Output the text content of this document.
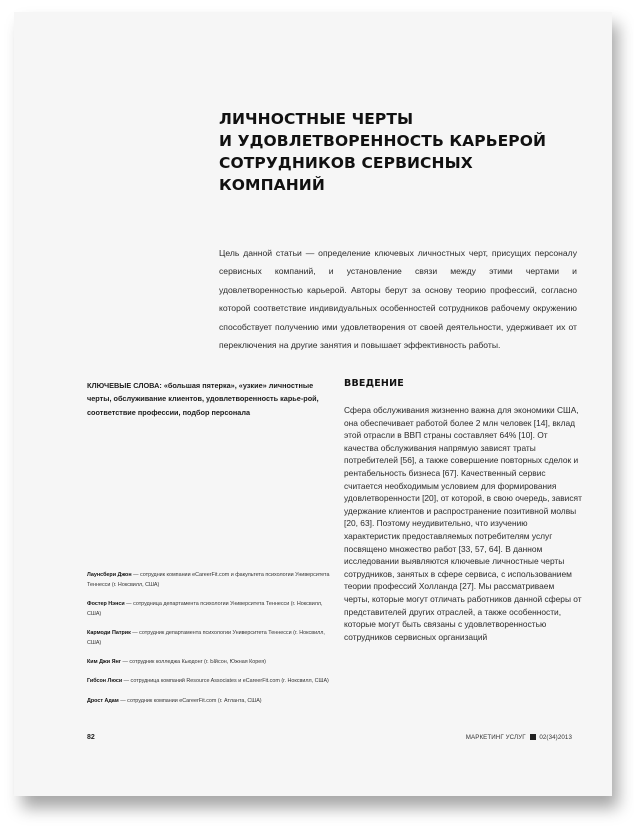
ЛИЧНОСТНЫЕ ЧЕРТЫ
И УДОВЛЕТВОРЕННОСТЬ КАРЬЕРОЙ
СОТРУДНИКОВ СЕРВИСНЫХ КОМПАНИЙ
Цель данной статьи — определение ключевых личностных черт, присущих персоналу сервисных компаний, и установление связи между этими чертами и удовлетворенностью карьерой. Авторы берут за основу теорию профессий, согласно которой соответствие индивидуальных особенностей сотрудников рабочему окружению способствует получению ими удовлетворения от своей деятельности, удерживает их от переключения на другие занятия и повышает эффективность работы.
КЛЮЧЕВЫЕ СЛОВА: «большая пятерка», «узкие» личностные черты, обслуживание клиентов, удовлетворенность карье-рой, соответствие профессии, подбор персонала
ВВЕДЕНИЕ
Сфера обслуживания жизненно важна для экономики США, она обеспечивает работой более 2 млн человек [14], вклад этой отрасли в ВВП страны составляет 64% [10]. От качества обслуживания напрямую зависят траты потребителей [56], а также совершение повторных сделок и рентабельность бизнеса [67]. Качественный сервис считается необходимым условием для формирования удовлетворенности [20], от которой, в свою очередь, зависят удержание клиентов и распространение позитивной молвы [20, 63]. Поэтому неудивительно, что изучению характеристик предоставляемых потребителям услуг посвящено множество работ [33, 57, 64]. В данном исследовании выявляются ключевые личностные черты сотрудников, занятых в сфере сервиса, с использованием теории профессий Холланда [27]. Мы рассматриваем черты, которые могут отличать работников данной сферы от представителей других отраслей, а также особенности, которые могут быть связаны с удовлетворенностью сотрудников сервисных организаций
Лаунсбери Джон — сотрудник компании eCareerFit.com и факультета психологии Университета Теннесси (г. Ноксвилл, США)
Фостер Нэнси — сотрудница департамента психологии Университета Теннесси (г. Ноксвилл, США)
Кармоди Патрик — сотрудник департамента психологии Университета Теннесси (г. Ноксвилл, США)
Ким Джи Янг — сотрудник колледжа Кьюдонг (г. Ыйсон, Южная Корея)
Гибсон Люси — сотрудница компаний Resource Associates и eCareerFit.com (г. Ноксвилл, США)
Дрост Адам — сотрудник компании eCareerFit.com (г. Атланта, США)
82	МАРКЕТИНГ УСЛУГ 02(34)2013
